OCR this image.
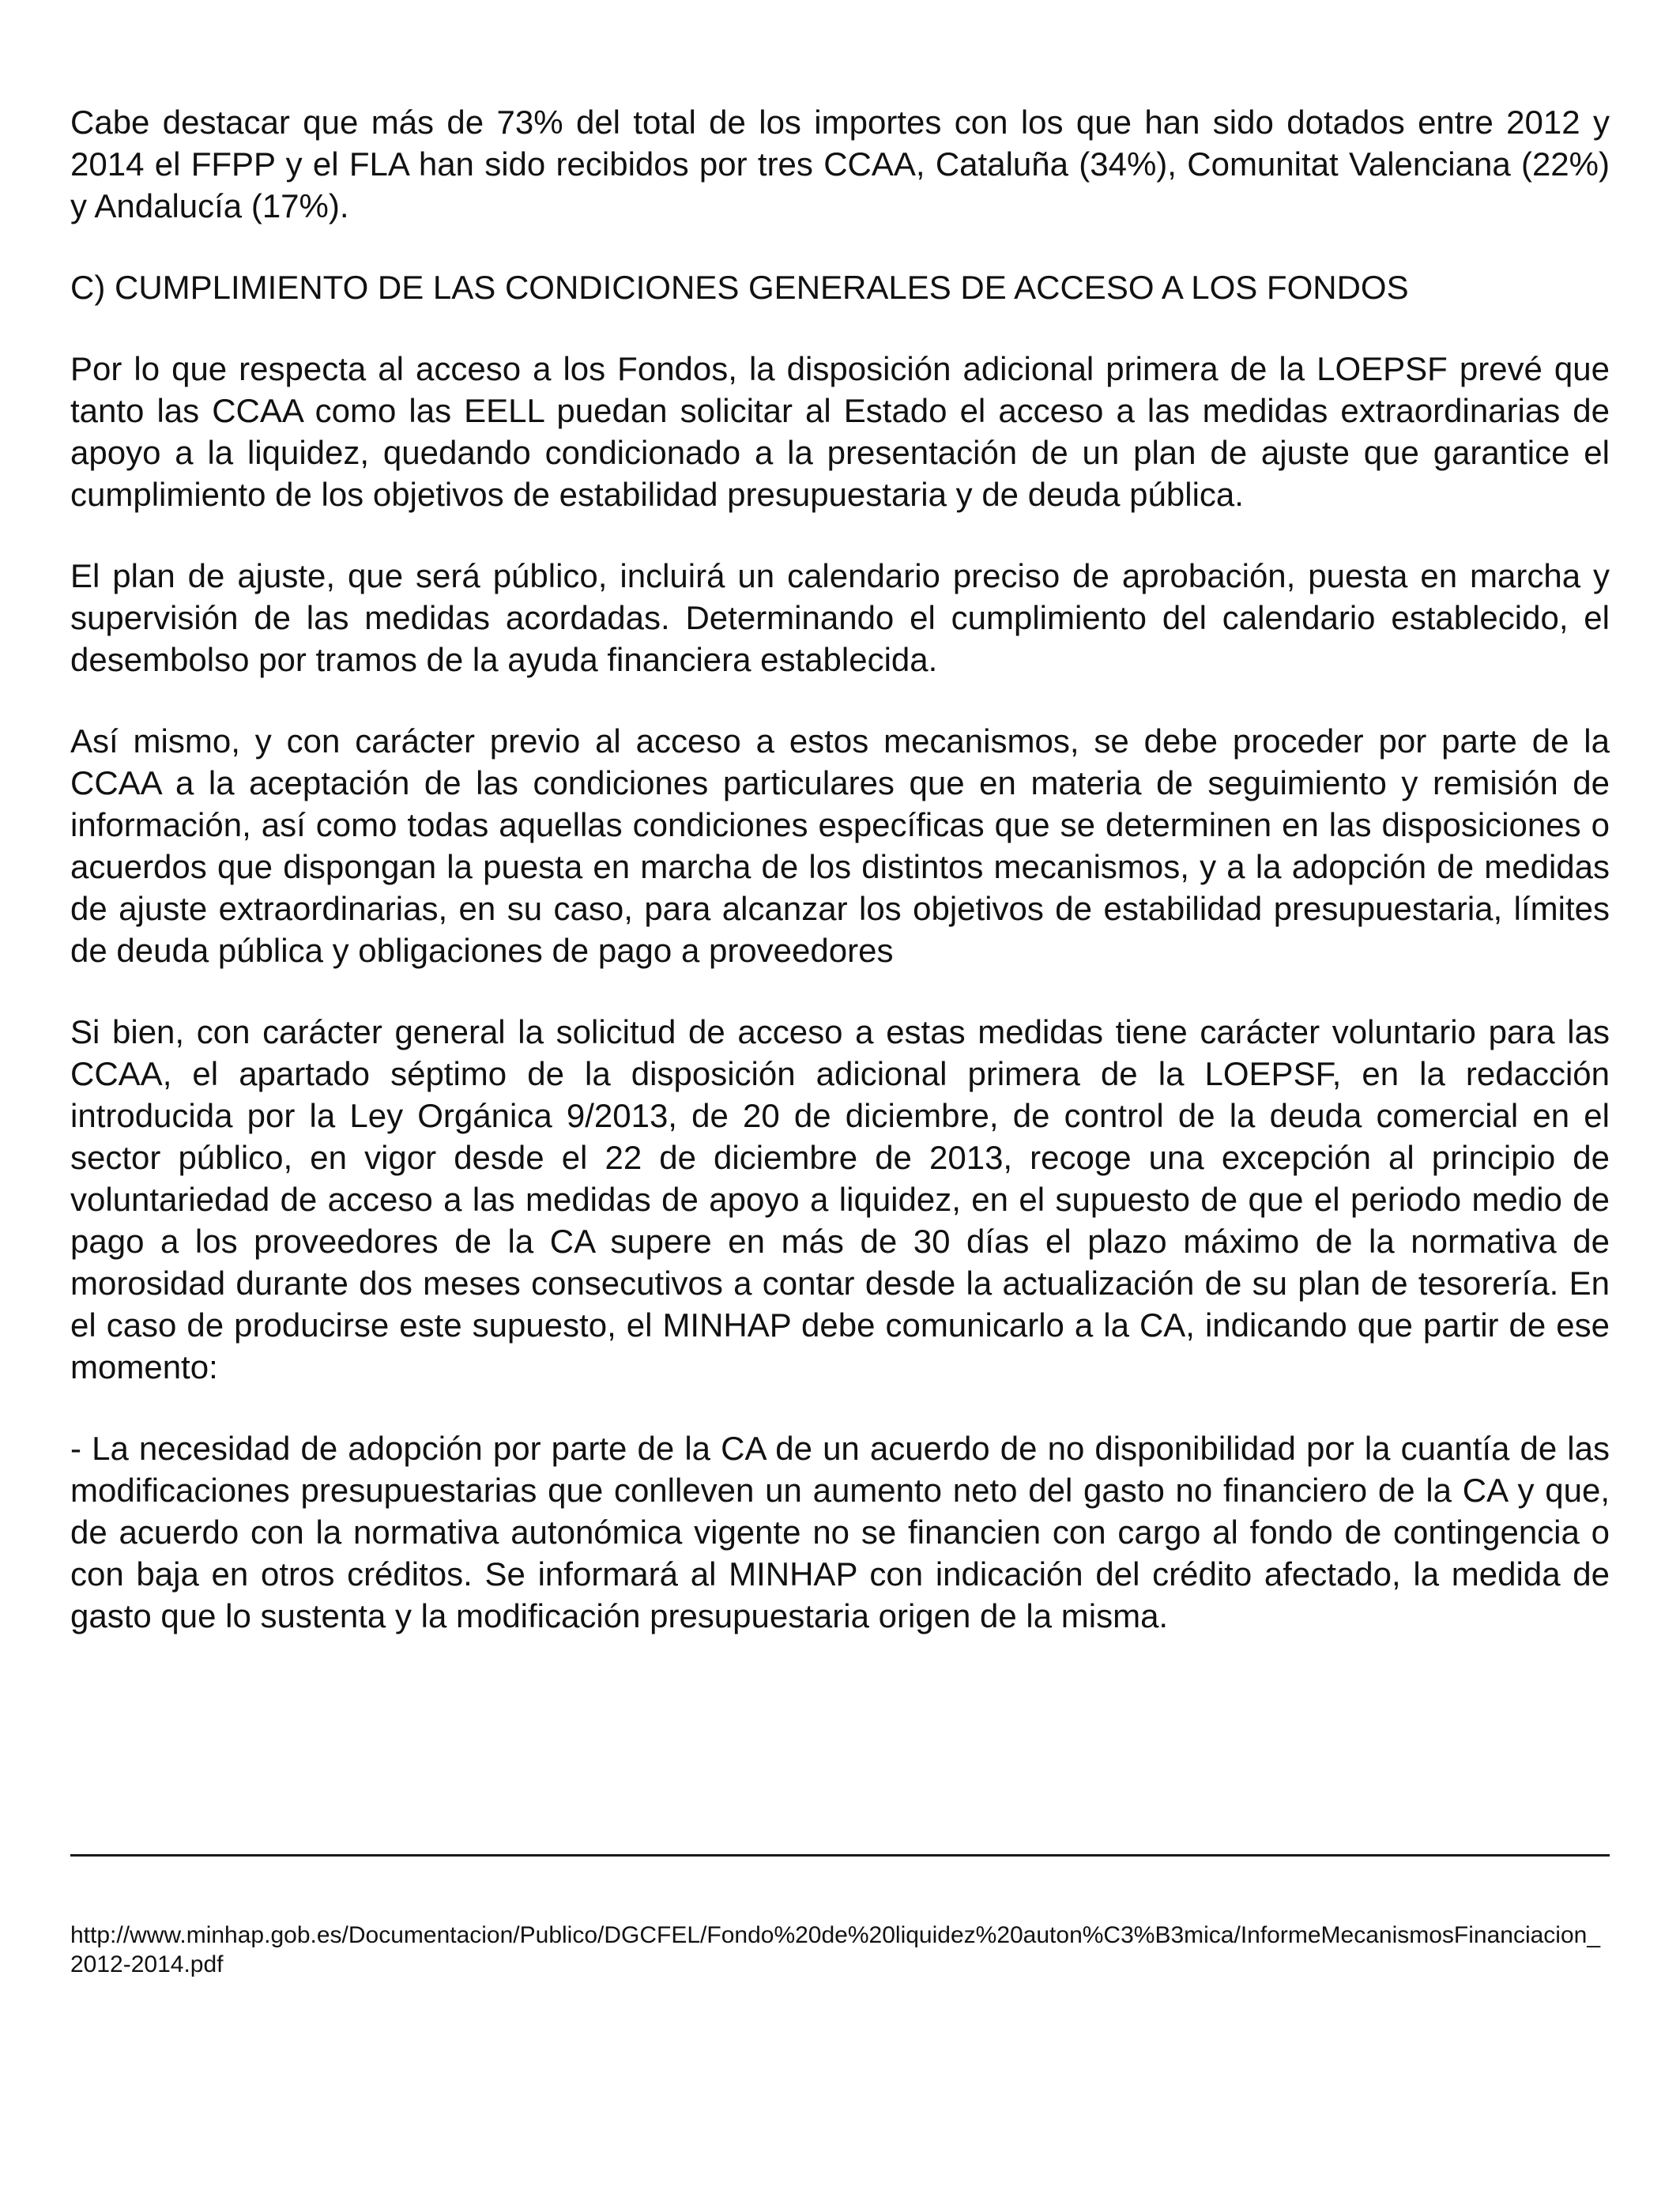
Cabe destacar que más de 73% del total de los importes con los que han sido dotados entre 2012 y 2014 el FFPP y el FLA han sido recibidos por tres CCAA, Cataluña (34%), Comunitat Valenciana (22%) y Andalucía (17%).

C) CUMPLIMIENTO DE LAS CONDICIONES GENERALES DE ACCESO A LOS FONDOS

Por lo que respecta al acceso a los Fondos, la disposición adicional primera de la LOEPSF prevé que tanto las CCAA como las EELL puedan solicitar al Estado el acceso a las medidas extraordinarias de apoyo a la liquidez, quedando condicionado a la presentación de un plan de ajuste que garantice el cumplimiento de los objetivos de estabilidad presupuestaria y de deuda pública.

El plan de ajuste, que será público, incluirá un calendario preciso de aprobación, puesta en marcha y supervisión de las medidas acordadas. Determinando el cumplimiento del calendario establecido, el desembolso por tramos de la ayuda financiera establecida.

Así mismo, y con carácter previo al acceso a estos mecanismos, se debe proceder por parte de la CCAA a la aceptación de las condiciones particulares que en materia de seguimiento y remisión de información, así como todas aquellas condiciones específicas que se determinen en las disposiciones o acuerdos que dispongan la puesta en marcha de los distintos mecanismos, y a la adopción de medidas de ajuste extraordinarias, en su caso, para alcanzar los objetivos de estabilidad presupuestaria, límites de deuda pública y obligaciones de pago a proveedores

Si bien, con carácter general la solicitud de acceso a estas medidas tiene carácter voluntario para las CCAA, el apartado séptimo de la disposición adicional primera de la LOEPSF, en la redacción introducida por la Ley Orgánica 9/2013, de 20 de diciembre, de control de la deuda comercial en el sector público, en vigor desde el 22 de diciembre de 2013, recoge una excepción al principio de voluntariedad de acceso a las medidas de apoyo a liquidez, en el supuesto de que el periodo medio de pago a los proveedores de la CA supere en más de 30 días el plazo máximo de la normativa de morosidad durante dos meses consecutivos a contar desde la actualización de su plan de tesorería. En el caso de producirse este supuesto, el MINHAP debe comunicarlo a la CA, indicando que partir de ese momento:

- La necesidad de adopción por parte de la CA de un acuerdo de no disponibilidad por la cuantía de las modificaciones presupuestarias que conlleven un aumento neto del gasto no financiero de la CA y que, de acuerdo con la normativa autonómica vigente no se financien con cargo al fondo de contingencia o con baja en otros créditos. Se informará al MINHAP con indicación del crédito afectado, la medida de gasto que lo sustenta y la modificación presupuestaria origen de la misma.

http://www.minhap.gob.es/Documentacion/Publico/DGCFEL/Fondo%20de%20liquidez%20auton%C3%B3mica/InformeMecanismosFinanciacion_2012-2014.pdf
